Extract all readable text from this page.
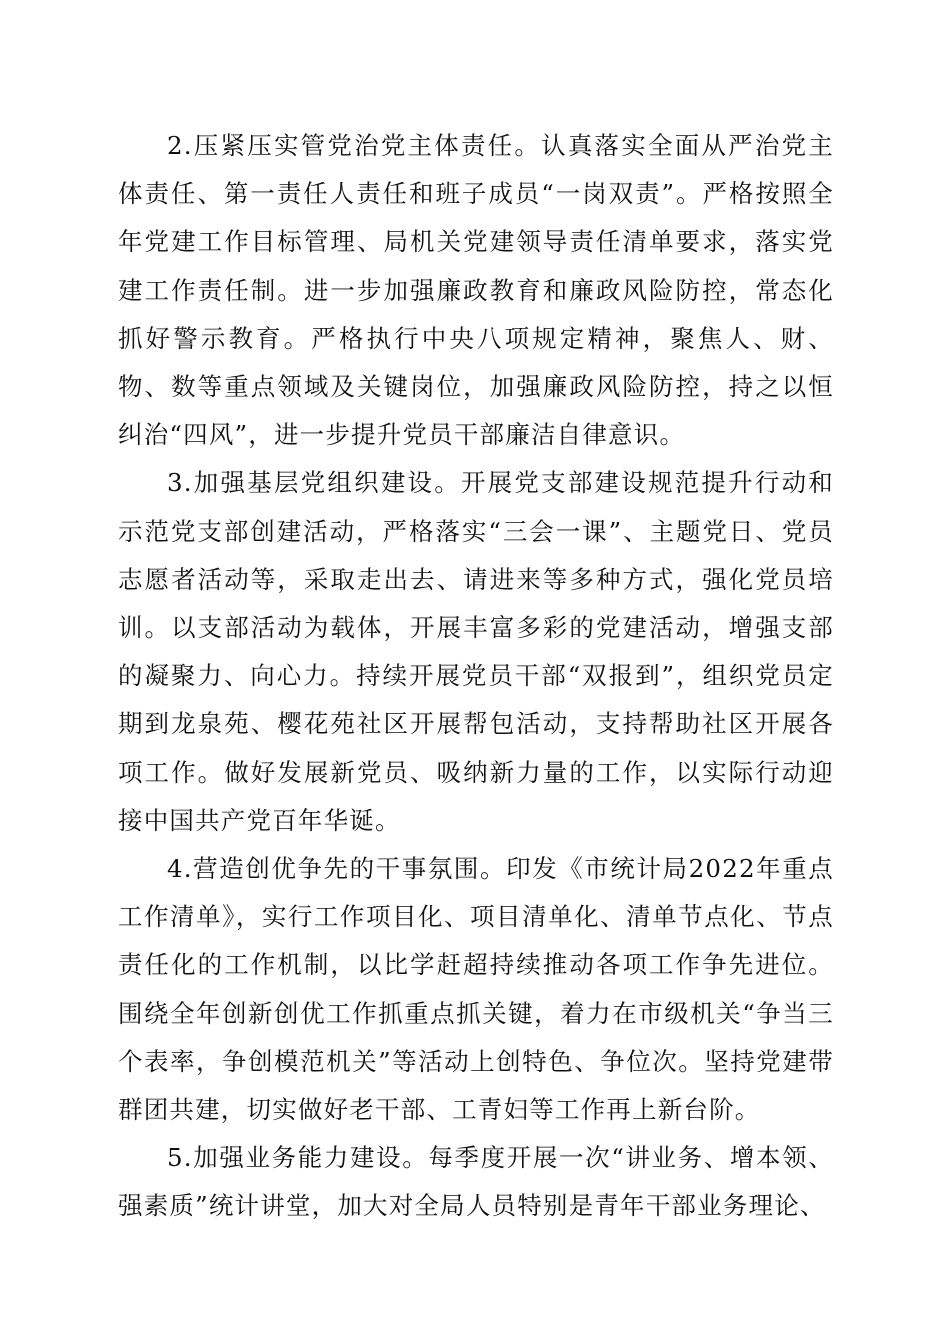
2.压紧压实管党治党主体责任。认真落实全面从严治党主体责任、第一责任人责任和班子成员“一岗双责”。严格按照全年党建工作目标管理、局机关党建领导责任清单要求，落实党建工作责任制。进一步加强廉政教育和廉政风险防控，常态化抓好警示教育。严格执行中央八项规定精神，聚焦人、财、物、数等重点领域及关键岗位，加强廉政风险防控，持之以恒纠治“四风”，进一步提升党员干部廉洁自律意识。

3.加强基层党组织建设。开展党支部建设规范提升行动和示范党支部创建活动，严格落实“三会一课”、主题党日、党员志愿者活动等，采取走出去、请进来等多种方式，强化党员培训。以支部活动为载体，开展丰富多彩的党建活动，增强支部的凝聚力、向心力。持续开展党员干部“双报到”，组织党员定期到龙泉苑、樱花苑社区开展帮包活动，支持帮助社区开展各项工作。做好发展新党员、吸纳新力量的工作，以实际行动迎接中国共产党百年华诞。

4.营造创优争先的干事氛围。印发《市统计局2022年重点工作清单》，实行工作项目化、项目清单化、清单节点化、节点责任化的工作机制，以比学赶超持续推动各项工作争先进位。围绕全年创新创优工作抓重点抓关键，着力在市级机关“争当三个表率，争创模范机关”等活动上创特色、争位次。坚持党建带群团共建，切实做好老干部、工青妇等工作再上新台阶。

5.加强业务能力建设。每季度开展一次“讲业务、增本领、强素质”统计讲堂，加大对全局人员特别是青年干部业务理论、
